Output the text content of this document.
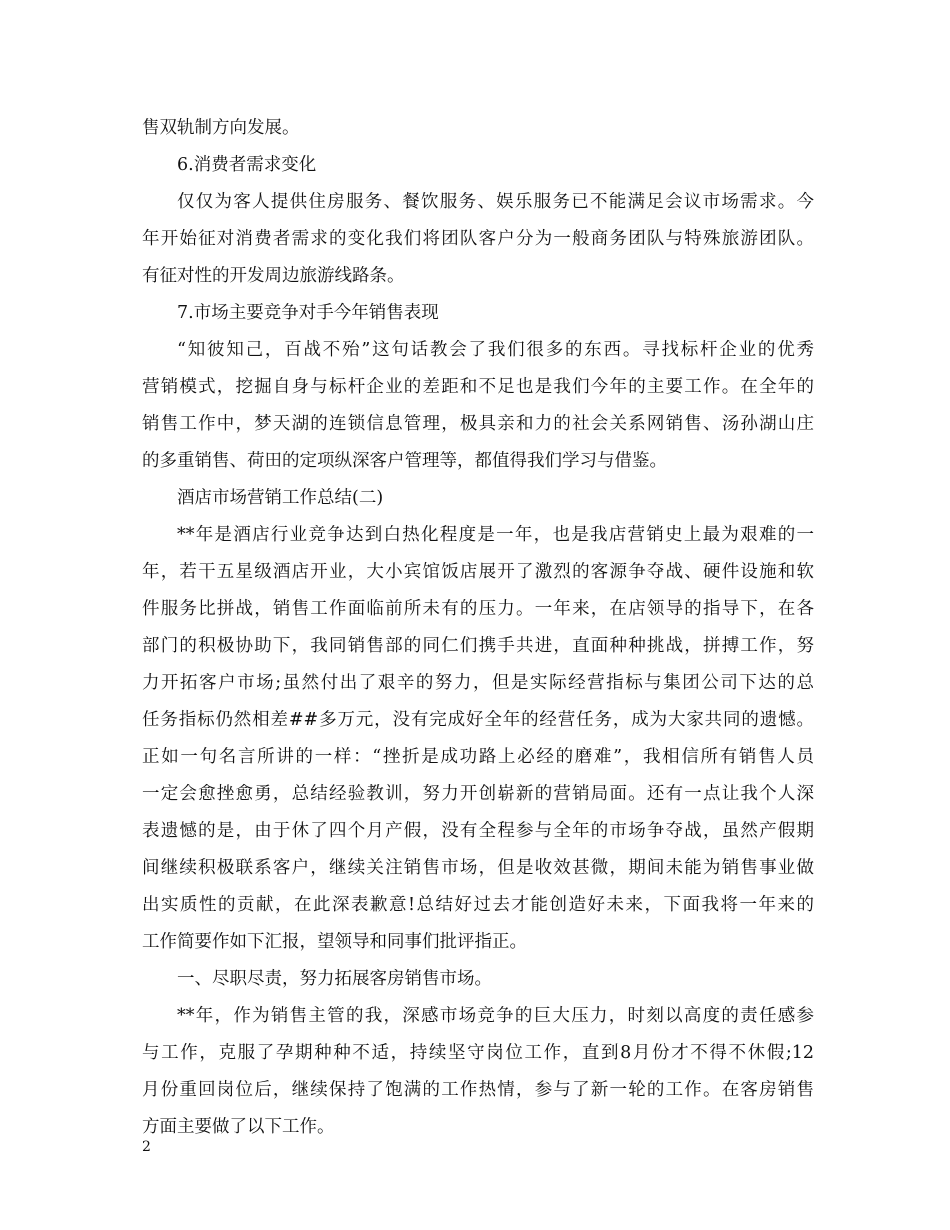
售双轨制方向发展。
6.消费者需求变化
仅仅为客人提供住房服务、餐饮服务、娱乐服务已不能满足会议市场需求。今
年开始征对消费者需求的变化我们将团队客户分为一般商务团队与特殊旅游团队。
有征对性的开发周边旅游线路条。
7.市场主要竞争对手今年销售表现
“知彼知己，百战不殆”这句话教会了我们很多的东西。寻找标杆企业的优秀
营销模式，挖掘自身与标杆企业的差距和不足也是我们今年的主要工作。在全年的
销售工作中，梦天湖的连锁信息管理，极具亲和力的社会关系网销售、汤孙湖山庄
的多重销售、荷田的定项纵深客户管理等，都值得我们学习与借鉴。
酒店市场营销工作总结(二)
**年是酒店行业竞争达到白热化程度是一年，也是我店营销史上最为艰难的一
年，若干五星级酒店开业，大小宾馆饭店展开了激烈的客源争夺战、硬件设施和软
件服务比拼战，销售工作面临前所未有的压力。一年来，在店领导的指导下，在各
部门的积极协助下，我同销售部的同仁们携手共进，直面种种挑战，拼搏工作，努
力开拓客户市场;虽然付出了艰辛的努力，但是实际经营指标与集团公司下达的总
任务指标仍然相差##多万元，没有完成好全年的经营任务，成为大家共同的遗憾。
正如一句名言所讲的一样：“挫折是成功路上必经的磨难”，我相信所有销售人员
一定会愈挫愈勇，总结经验教训，努力开创崭新的营销局面。还有一点让我个人深
表遗憾的是，由于休了四个月产假，没有全程参与全年的市场争夺战，虽然产假期
间继续积极联系客户，继续关注销售市场，但是收效甚微，期间未能为销售事业做
出实质性的贡献，在此深表歉意!总结好过去才能创造好未来，下面我将一年来的
工作简要作如下汇报，望领导和同事们批评指正。
一、尽职尽责，努力拓展客房销售市场。
**年，作为销售主管的我，深感市场竞争的巨大压力，时刻以高度的责任感参
与工作，克服了孕期种种不适，持续坚守岗位工作，直到8月份才不得不休假;12
月份重回岗位后，继续保持了饱满的工作热情，参与了新一轮的工作。在客房销售
方面主要做了以下工作。
2
